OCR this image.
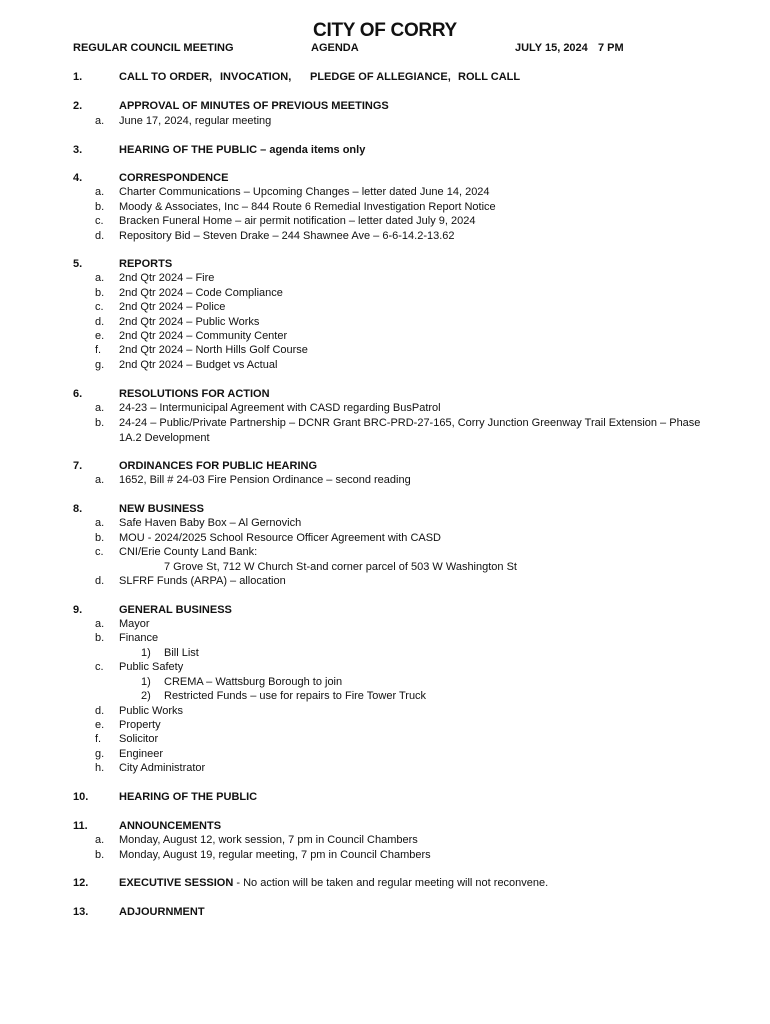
CITY OF CORRY
REGULAR COUNCIL MEETING	AGENDA	JULY 15, 2024 7 PM
1.	CALL TO ORDER, INVOCATION, PLEDGE OF ALLEGIANCE, ROLL CALL
2.	APPROVAL OF MINUTES OF PREVIOUS MEETINGS
a.	June 17, 2024, regular meeting
3.	HEARING OF THE PUBLIC – agenda items only
4.	CORRESPONDENCE
a.	Charter Communications – Upcoming Changes – letter dated June 14, 2024
b.	Moody & Associates, Inc – 844 Route 6 Remedial Investigation Report Notice
c.	Bracken Funeral Home – air permit notification – letter dated July 9, 2024
d.	Repository Bid – Steven Drake – 244 Shawnee Ave – 6-6-14.2-13.62
5.	REPORTS
a.	2nd Qtr 2024 – Fire
b.	2nd Qtr 2024 – Code Compliance
c.	2nd Qtr 2024 – Police
d.	2nd Qtr 2024 – Public Works
e.	2nd Qtr 2024 – Community Center
f.	2nd Qtr 2024 – North Hills Golf Course
g.	2nd Qtr 2024 – Budget vs Actual
6.	RESOLUTIONS FOR ACTION
a.	24-23 – Intermunicipal Agreement with CASD regarding BusPatrol
b.	24-24 – Public/Private Partnership – DCNR Grant BRC-PRD-27-165, Corry Junction Greenway Trail Extension – Phase 1A.2 Development
7.	ORDINANCES FOR PUBLIC HEARING
a.	1652, Bill # 24-03 Fire Pension Ordinance – second reading
8.	NEW BUSINESS
a.	Safe Haven Baby Box – Al Gernovich
b.	MOU - 2024/2025 School Resource Officer Agreement with CASD
c.	CNI/Erie County Land Bank:
7 Grove St, 712 W Church St-and corner parcel of 503 W Washington St
d.	SLFRF Funds (ARPA) – allocation
9.	GENERAL BUSINESS
a.	Mayor
b.	Finance
1) Bill List
c.	Public Safety
1) CREMA – Wattsburg Borough to join
2) Restricted Funds – use for repairs to Fire Tower Truck
d.	Public Works
e.	Property
f.	Solicitor
g.	Engineer
h.	City Administrator
10.	HEARING OF THE PUBLIC
11.	ANNOUNCEMENTS
a.	Monday, August 12, work session, 7 pm in Council Chambers
b.	Monday, August 19, regular meeting, 7 pm in Council Chambers
12.	EXECUTIVE SESSION - No action will be taken and regular meeting will not reconvene.
13.	ADJOURNMENT
